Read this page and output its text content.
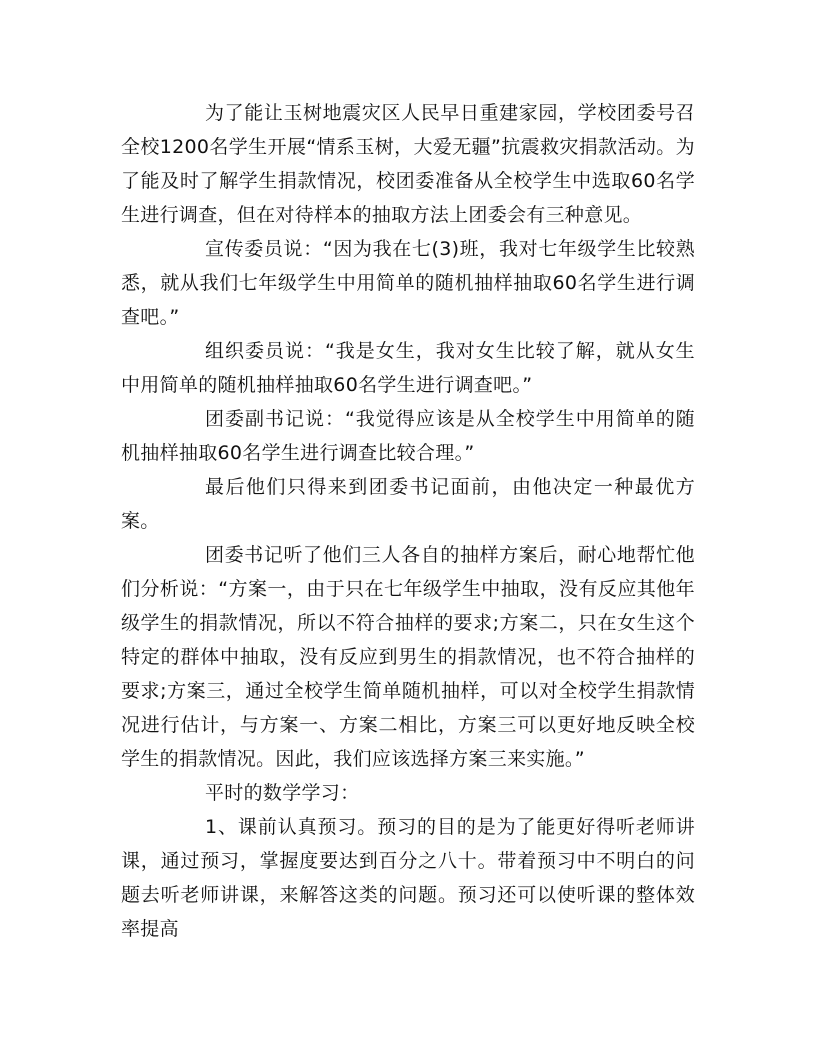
为了能让玉树地震灾区人民早日重建家园，学校团委号召全校1200名学生开展“情系玉树，大爱无疆”抗震救灾捐款活动。为了能及时了解学生捐款情况，校团委准备从全校学生中选取60名学生进行调查，但在对待样本的抽取方法上团委会有三种意见。

宣传委员说：“因为我在七(3)班，我对七年级学生比较熟悉，就从我们七年级学生中用简单的随机抽样抽取60名学生进行调查吧。”

组织委员说：“我是女生，我对女生比较了解，就从女生中用简单的随机抽样抽取60名学生进行调查吧。”

团委副书记说：“我觉得应该是从全校学生中用简单的随机抽样抽取60名学生进行调查比较合理。”

最后他们只得来到团委书记面前，由他决定一种最优方案。

团委书记听了他们三人各自的抽样方案后，耐心地帮忙他们分析说：“方案一，由于只在七年级学生中抽取，没有反应其他年级学生的捐款情况，所以不符合抽样的要求;方案二，只在女生这个特定的群体中抽取，没有反应到男生的捐款情况，也不符合抽样的要求;方案三，通过全校学生简单随机抽样，可以对全校学生捐款情况进行估计，与方案一、方案二相比，方案三可以更好地反映全校学生的捐款情况。因此，我们应该选择方案三来实施。”

平时的数学学习：

1、课前认真预习。预习的目的是为了能更好得听老师讲课，通过预习，掌握度要达到百分之八十。带着预习中不明白的问题去听老师讲课，来解答这类的问题。预习还可以使听课的整体效率提高
